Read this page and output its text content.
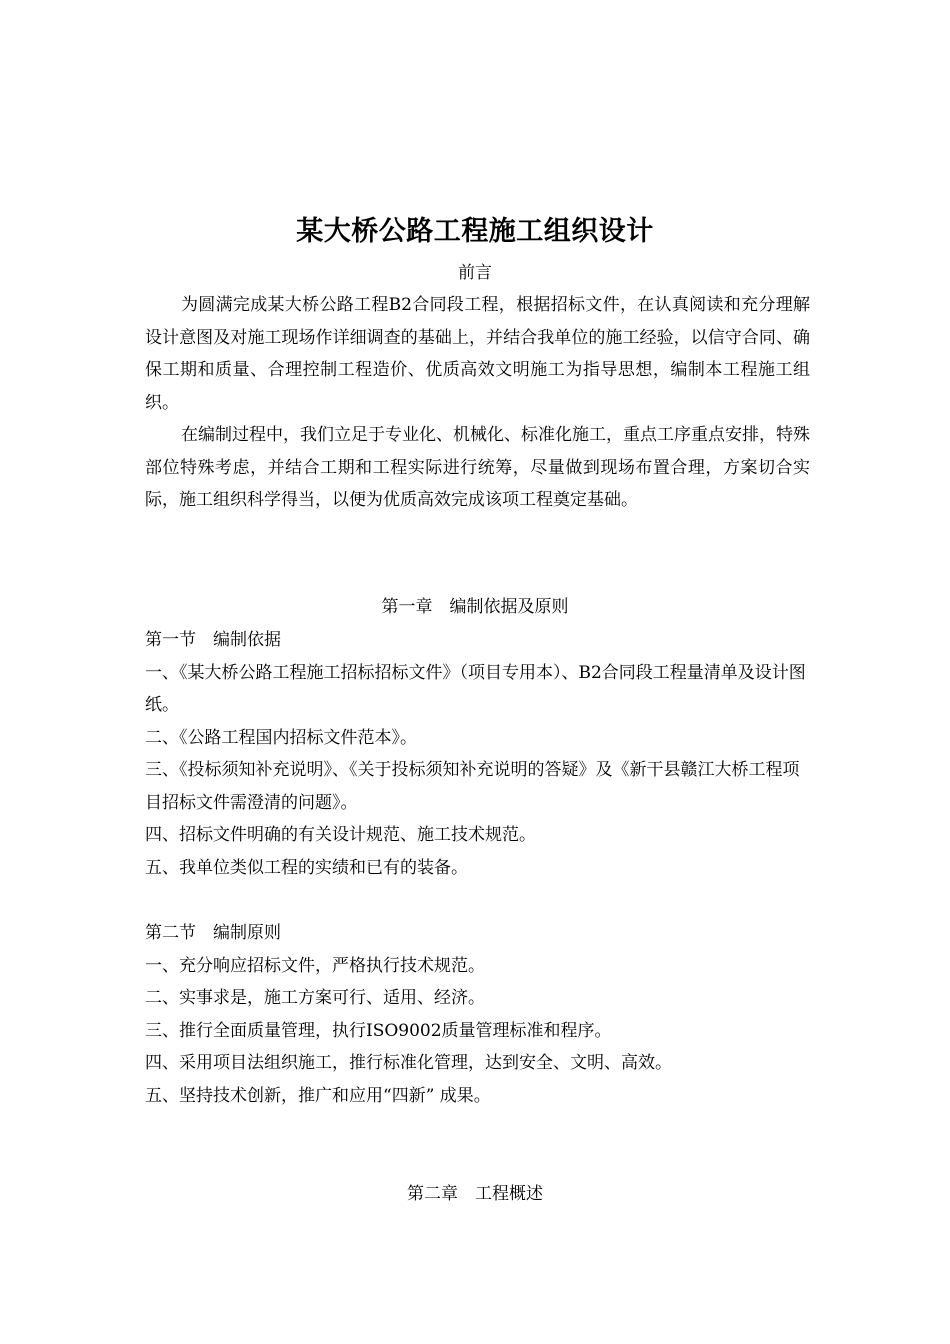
某大桥公路工程施工组织设计
前言

为圆满完成某大桥公路工程B2合同段工程，根据招标文件，在认真阅读和充分理解设计意图及对施工现场作详细调查的基础上，并结合我单位的施工经验，以信守合同、确保工期和质量、合理控制工程造价、优质高效文明施工为指导思想，编制本工程施工组织。

在编制过程中，我们立足于专业化、机械化、标准化施工，重点工序重点安排，特殊部位特殊考虑，并结合工期和工程实际进行统筹，尽量做到现场布置合理，方案切合实际，施工组织科学得当，以便为优质高效完成该项工程奠定基础。

第一章　编制依据及原则

第一节　编制依据

一、《某大桥公路工程施工招标招标文件》（项目专用本）、B2合同段工程量清单及设计图纸。

二、《公路工程国内招标文件范本》。

三、《投标须知补充说明》、《关于投标须知补充说明的答疑》及《新干县赣江大桥工程项目招标文件需澄清的问题》。

四、招标文件明确的有关设计规范、施工技术规范。

五、我单位类似工程的实绩和已有的装备。

第二节　编制原则

一、充分响应招标文件，严格执行技术规范。

二、实事求是，施工方案可行、适用、经济。

三、推行全面质量管理，执行ISO9002质量管理标准和程序。

四、采用项目法组织施工，推行标准化管理，达到安全、文明、高效。

五、坚持技术创新，推广和应用“四新” 成果。

第二章　工程概述
